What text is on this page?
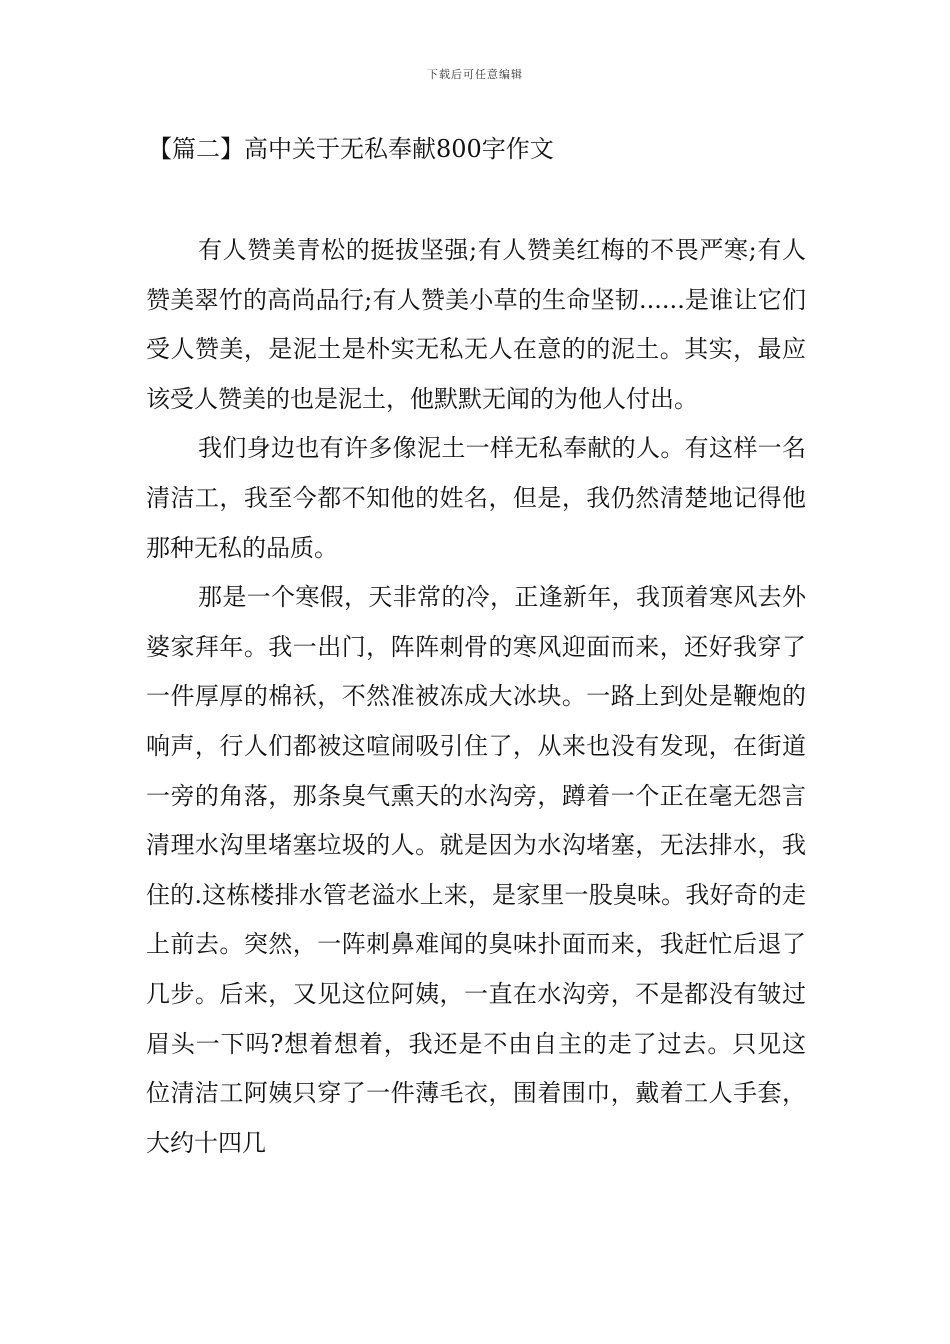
下载后可任意编辑
【篇二】高中关于无私奉献800字作文

有人赞美青松的挺拔坚强;有人赞美红梅的不畏严寒;有人赞美翠竹的高尚品行;有人赞美小草的生命坚韧......是谁让它们受人赞美，是泥土是朴实无私无人在意的的泥土。其实，最应该受人赞美的也是泥土，他默默无闻的为他人付出。

我们身边也有许多像泥土一样无私奉献的人。有这样一名清洁工，我至今都不知他的姓名，但是，我仍然清楚地记得他那种无私的品质。

那是一个寒假，天非常的冷，正逢新年，我顶着寒风去外婆家拜年。我一出门，阵阵刺骨的寒风迎面而来，还好我穿了一件厚厚的棉袄，不然准被冻成大冰块。一路上到处是鞭炮的响声，行人们都被这喧闹吸引住了，从来也没有发现，在街道一旁的角落，那条臭气熏天的水沟旁，蹲着一个正在毫无怨言清理水沟里堵塞垃圾的人。就是因为水沟堵塞，无法排水，我住的.这栋楼排水管老溢水上来，是家里一股臭味。我好奇的走上前去。突然，一阵刺鼻难闻的臭味扑面而来，我赶忙后退了几步。后来，又见这位阿姨，一直在水沟旁，不是都没有皱过眉头一下吗?想着想着，我还是不由自主的走了过去。只见这位清洁工阿姨只穿了一件薄毛衣，围着围巾，戴着工人手套，大约十四几
